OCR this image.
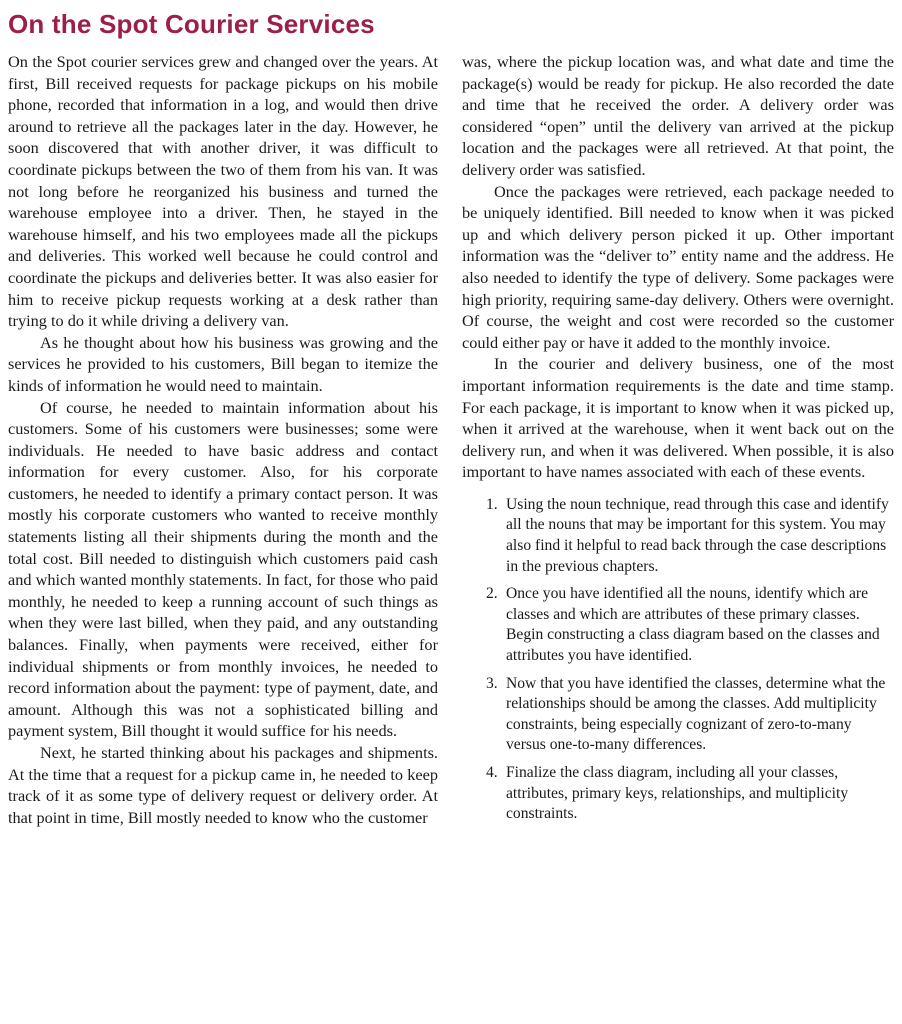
On the Spot Courier Services

On the Spot courier services grew and changed over the years. At first, Bill received requests for package pickups on his mobile phone, recorded that information in a log, and would then drive around to retrieve all the packages later in the day. However, he soon discovered that with another driver, it was difficult to coordinate pickups between the two of them from his van. It was not long before he reorganized his business and turned the warehouse employee into a driver. Then, he stayed in the warehouse himself, and his two employees made all the pickups and deliveries. This worked well because he could control and coordinate the pickups and deliveries better. It was also easier for him to receive pickup requests working at a desk rather than trying to do it while driving a delivery van.

As he thought about how his business was growing and the services he provided to his customers, Bill began to itemize the kinds of information he would need to maintain.

Of course, he needed to maintain information about his customers. Some of his customers were businesses; some were individuals. He needed to have basic address and contact information for every customer. Also, for his corporate customers, he needed to identify a primary contact person. It was mostly his corporate customers who wanted to receive monthly statements listing all their shipments during the month and the total cost. Bill needed to distinguish which customers paid cash and which wanted monthly statements. In fact, for those who paid monthly, he needed to keep a running account of such things as when they were last billed, when they paid, and any outstanding balances. Finally, when payments were received, either for individual shipments or from monthly invoices, he needed to record information about the payment: type of payment, date, and amount. Although this was not a sophisticated billing and payment system, Bill thought it would suffice for his needs.

Next, he started thinking about his packages and shipments. At the time that a request for a pickup came in, he needed to keep track of it as some type of delivery request or delivery order. At that point in time, Bill mostly needed to know who the customer

was, where the pickup location was, and what date and time the package(s) would be ready for pickup. He also recorded the date and time that he received the order. A delivery order was considered “open” until the delivery van arrived at the pickup location and the packages were all retrieved. At that point, the delivery order was satisfied.

Once the packages were retrieved, each package needed to be uniquely identified. Bill needed to know when it was picked up and which delivery person picked it up. Other important information was the “deliver to” entity name and the address. He also needed to identify the type of delivery. Some packages were high priority, requiring same-day delivery. Others were overnight. Of course, the weight and cost were recorded so the customer could either pay or have it added to the monthly invoice.

In the courier and delivery business, one of the most important information requirements is the date and time stamp. For each package, it is important to know when it was picked up, when it arrived at the warehouse, when it went back out on the delivery run, and when it was delivered. When possible, it is also important to have names associated with each of these events.

1. Using the noun technique, read through this case and identify all the nouns that may be important for this system. You may also find it helpful to read back through the case descriptions in the previous chapters.
2. Once you have identified all the nouns, identify which are classes and which are attributes of these primary classes. Begin constructing a class diagram based on the classes and attributes you have identified.
3. Now that you have identified the classes, determine what the relationships should be among the classes. Add multiplicity constraints, being especially cognizant of zero-to-many versus one-to-many differences.
4. Finalize the class diagram, including all your classes, attributes, primary keys, relationships, and multiplicity constraints.
